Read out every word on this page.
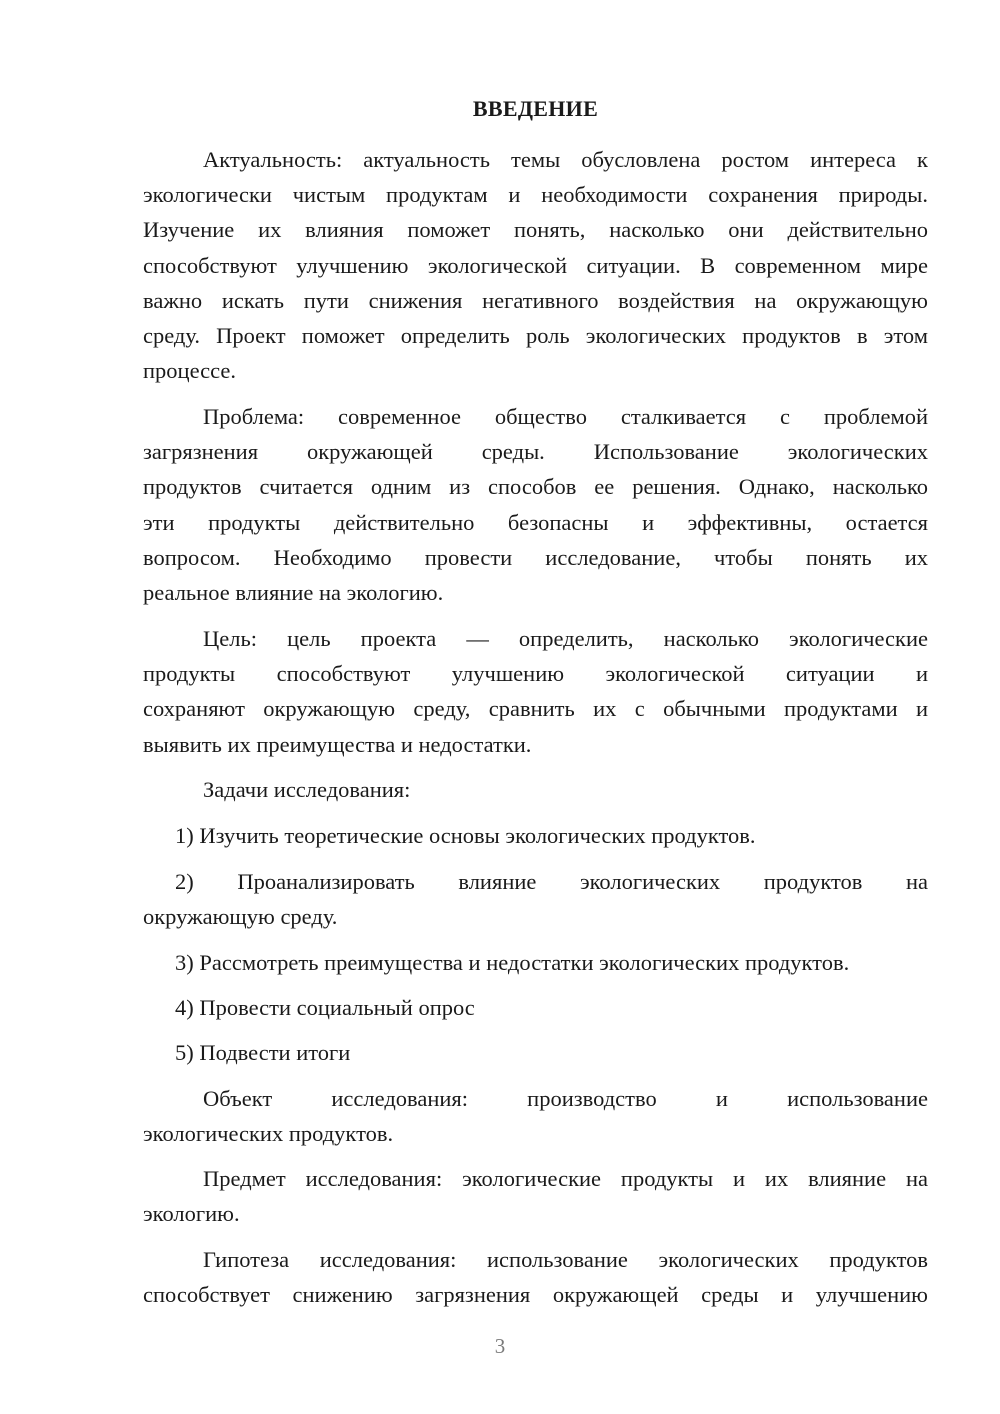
ВВЕДЕНИЕ
Актуальность: актуальность темы обусловлена ростом интереса к
экологически чистым продуктам и необходимости сохранения природы.
Изучение их влияния поможет понять, насколько они действительно
способствуют улучшению экологической ситуации. В современном мире
важно искать пути снижения негативного воздействия на окружающую
среду. Проект поможет определить роль экологических продуктов в этом
процессе.
Проблема: современное общество сталкивается с проблемой
загрязнения окружающей среды. Использование экологических
продуктов считается одним из способов ее решения. Однако, насколько
эти продукты действительно безопасны и эффективны, остается
вопросом. Необходимо провести исследование, чтобы понять их
реальное влияние на экологию.
Цель: цель проекта — определить, насколько экологические
продукты способствуют улучшению экологической ситуации и
сохраняют окружающую среду, сравнить их с обычными продуктами и
выявить их преимущества и недостатки.
Задачи исследования:
1) Изучить теоретические основы экологических продуктов.
2) Проанализировать влияние экологических продуктов на
окружающую среду.
3) Рассмотреть преимущества и недостатки экологических продуктов.
4) Провести социальный опрос
5) Подвести итоги
Объект исследования: производство и использование
экологических продуктов.
Предмет исследования: экологические продукты и их влияние на
экологию.
Гипотеза исследования: использование экологических продуктов
способствует снижению загрязнения окружающей среды и улучшению
3
